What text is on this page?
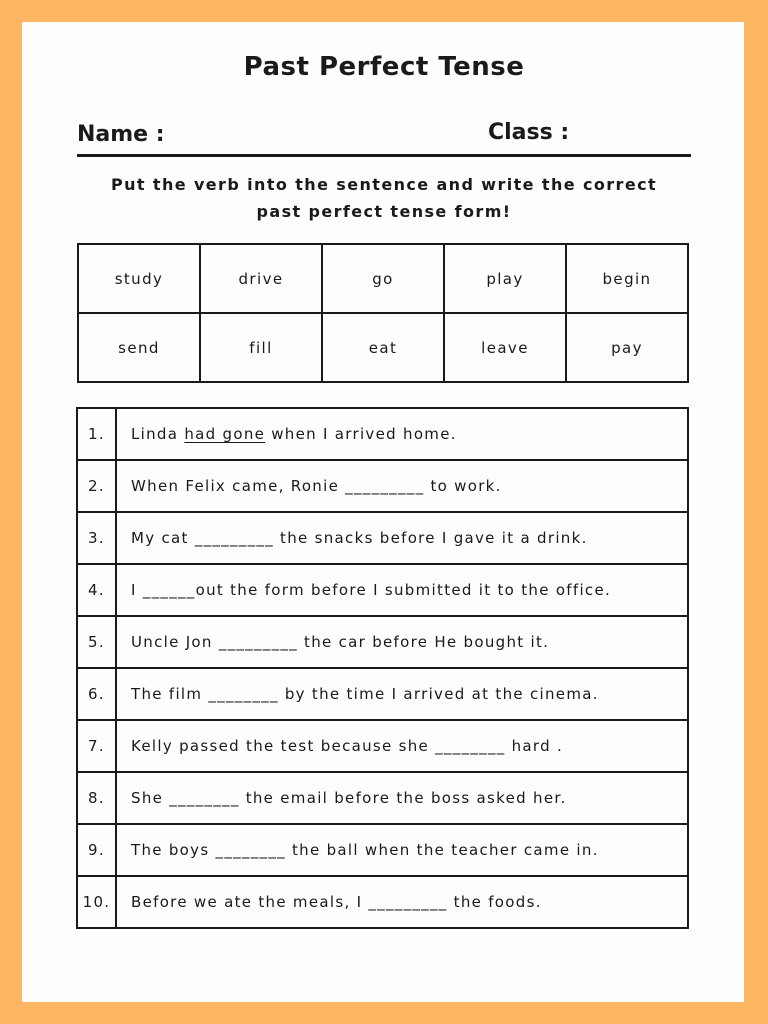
Past Perfect Tense
Name :	Class :
Put the verb into the sentence and write the correct
past perfect tense form!
study	drive	go	play	begin
send	fill	eat	leave	pay
1.	Linda had gone when I arrived home.
2.	When Felix came, Ronie _________ to work.
3.	My cat _________ the snacks before I gave it a drink.
4.	I ______out the form before I submitted it to the office.
5.	Uncle Jon _________ the car before He bought it.
6.	The film ________ by the time I arrived at the cinema.
7.	Kelly passed the test because she ________ hard .
8.	She ________ the email before the boss asked her.
9.	The boys ________ the ball when the teacher came in.
10.	Before we ate the meals, I _________ the foods.
